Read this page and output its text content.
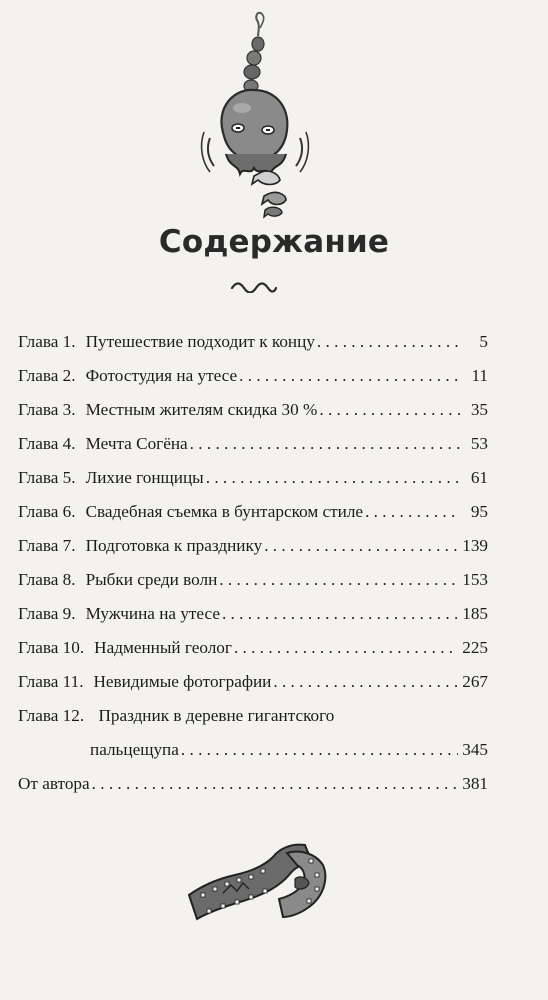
Содержание
Глава 1. Путешествие подходит к концу . . .	5
Глава 2. Фотостудия на утесе . . .	11
Глава 3. Местным жителям скидка 30 % . . .	35
Глава 4. Мечта Согёна . . .	53
Глава 5. Лихие гонщицы . . .	61
Глава 6. Свадебная съемка в бунтарском стиле . . .	95
Глава 7. Подготовка к празднику . . .	139
Глава 8. Рыбки среди волн . . .	153
Глава 9. Мужчина на утесе . . .	185
Глава 10. Надменный геолог . . .	225
Глава 11. Невидимые фотографии . . .	267
Глава 12. Праздник в деревне гигантского
пальцещупа . . .	345
От автора . . .	381
